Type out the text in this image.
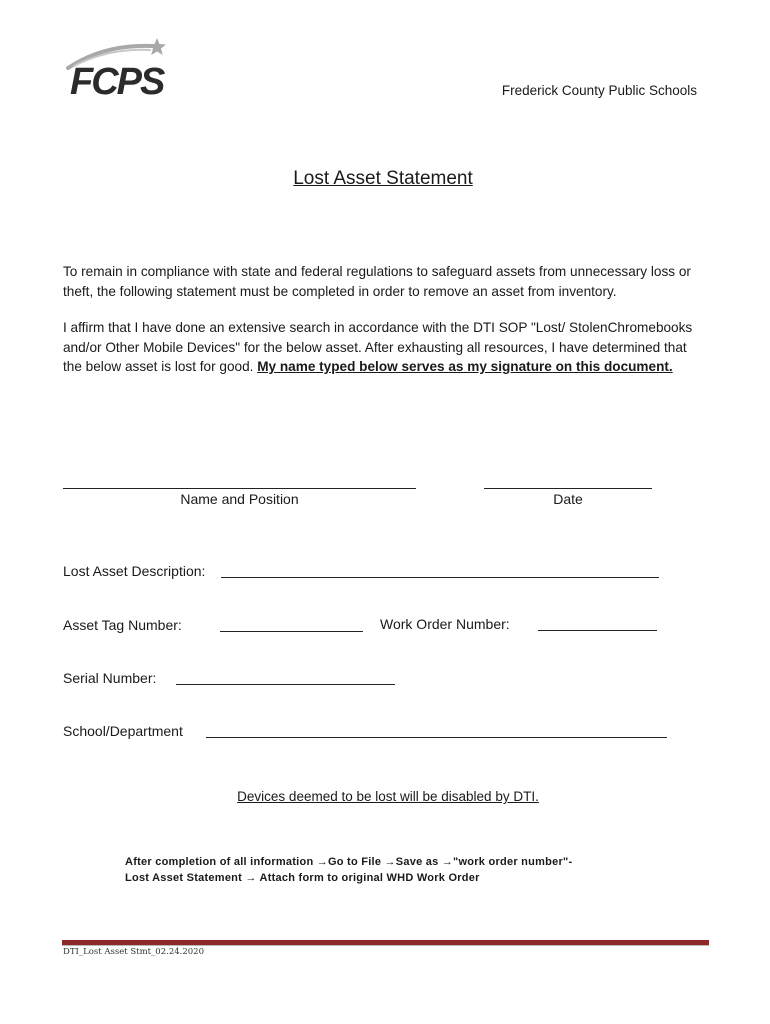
FCPS	Frederick County Public Schools
Lost Asset Statement
To remain in compliance with state and federal regulations to safeguard assets from unnecessary loss or theft, the following statement must be completed in order to remove an asset from inventory.
I affirm that I have done an extensive search in accordance with the DTI SOP "Lost/ StolenChromebooks and/or Other Mobile Devices" for the below asset. After exhausting all resources, I have determined that the below asset is lost for good. My name typed below serves as my signature on this document.
Name and Position	Date
Lost Asset Description:
Asset Tag Number:	Work Order Number:
Serial Number:
School/Department
Devices deemed to be lost will be disabled by DTI.
After completion of all information →Go to File →Save as →"work order number"-
Lost Asset Statement → Attach form to original WHD Work Order
DTI_Lost Asset Stmt_02.24.2020
